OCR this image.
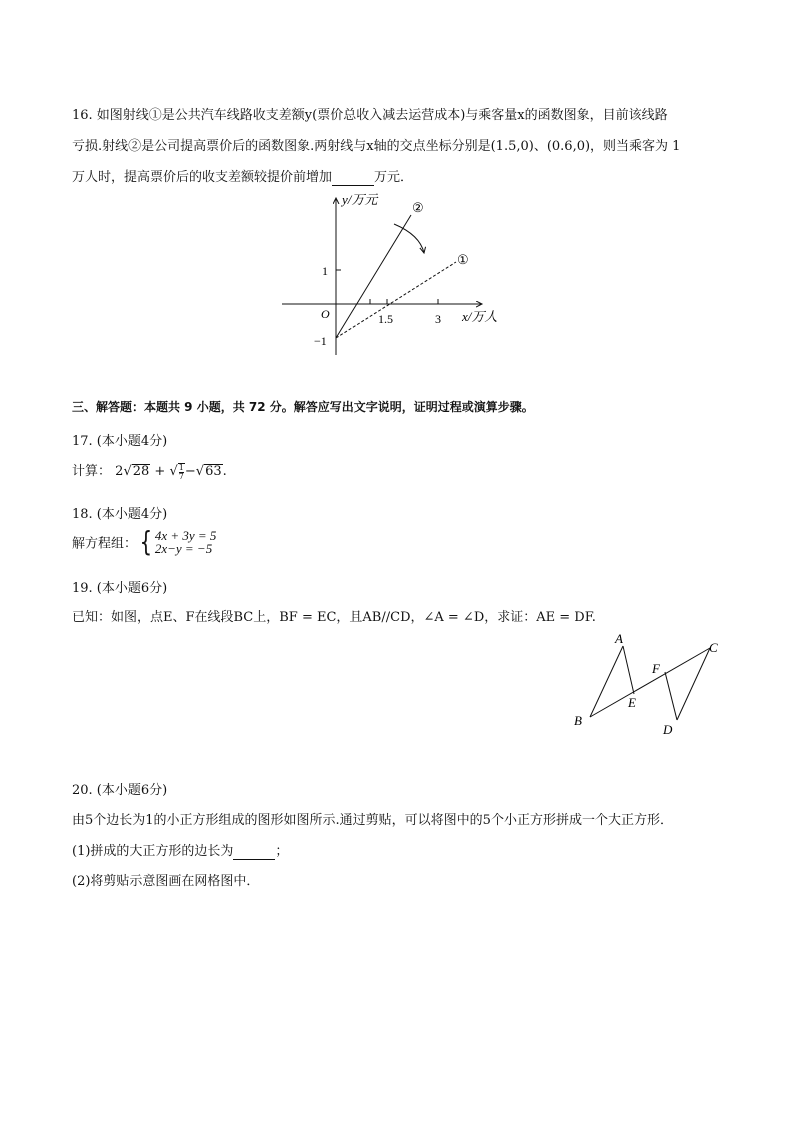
16. 如图射线①是公共汽车线路收支差额y(票价总收入减去运营成本)与乘客量x的函数图象，目前该线路
亏损.射线②是公司提高票价后的函数图象.两射线与x轴的交点坐标分别是(1.5,0)、(0.6,0)，则当乘客为 1
万人时，提高票价后的收支差额较提价前增加	万元．
y/万元
x/万人
O
1
−1
1.5	3
①
②
三、解答题：本题共 9 小题，共 72 分。解答应写出文字说明，证明过程或演算步骤。
17. (本小题4分)
计算： 2√28 + √ $\frac{1}{7} -√63$.
18. (本小题4分)
解方程组： { 4x + 3y = 5
2x−y = −5
19. (本小题6分)
已知：如图，点E、F在线段BC上，BF = EC，且AB//CD，∠A = ∠D，求证：AE = DF.
A
B
C
D
E
F
20. (本小题6分)
由5个边长为1的小正方形组成的图形如图所示.通过剪贴，可以将图中的5个小正方形拼成一个大正方形．
(1)拼成的大正方形的边长为	；
(2)将剪贴示意图画在网格图中．
